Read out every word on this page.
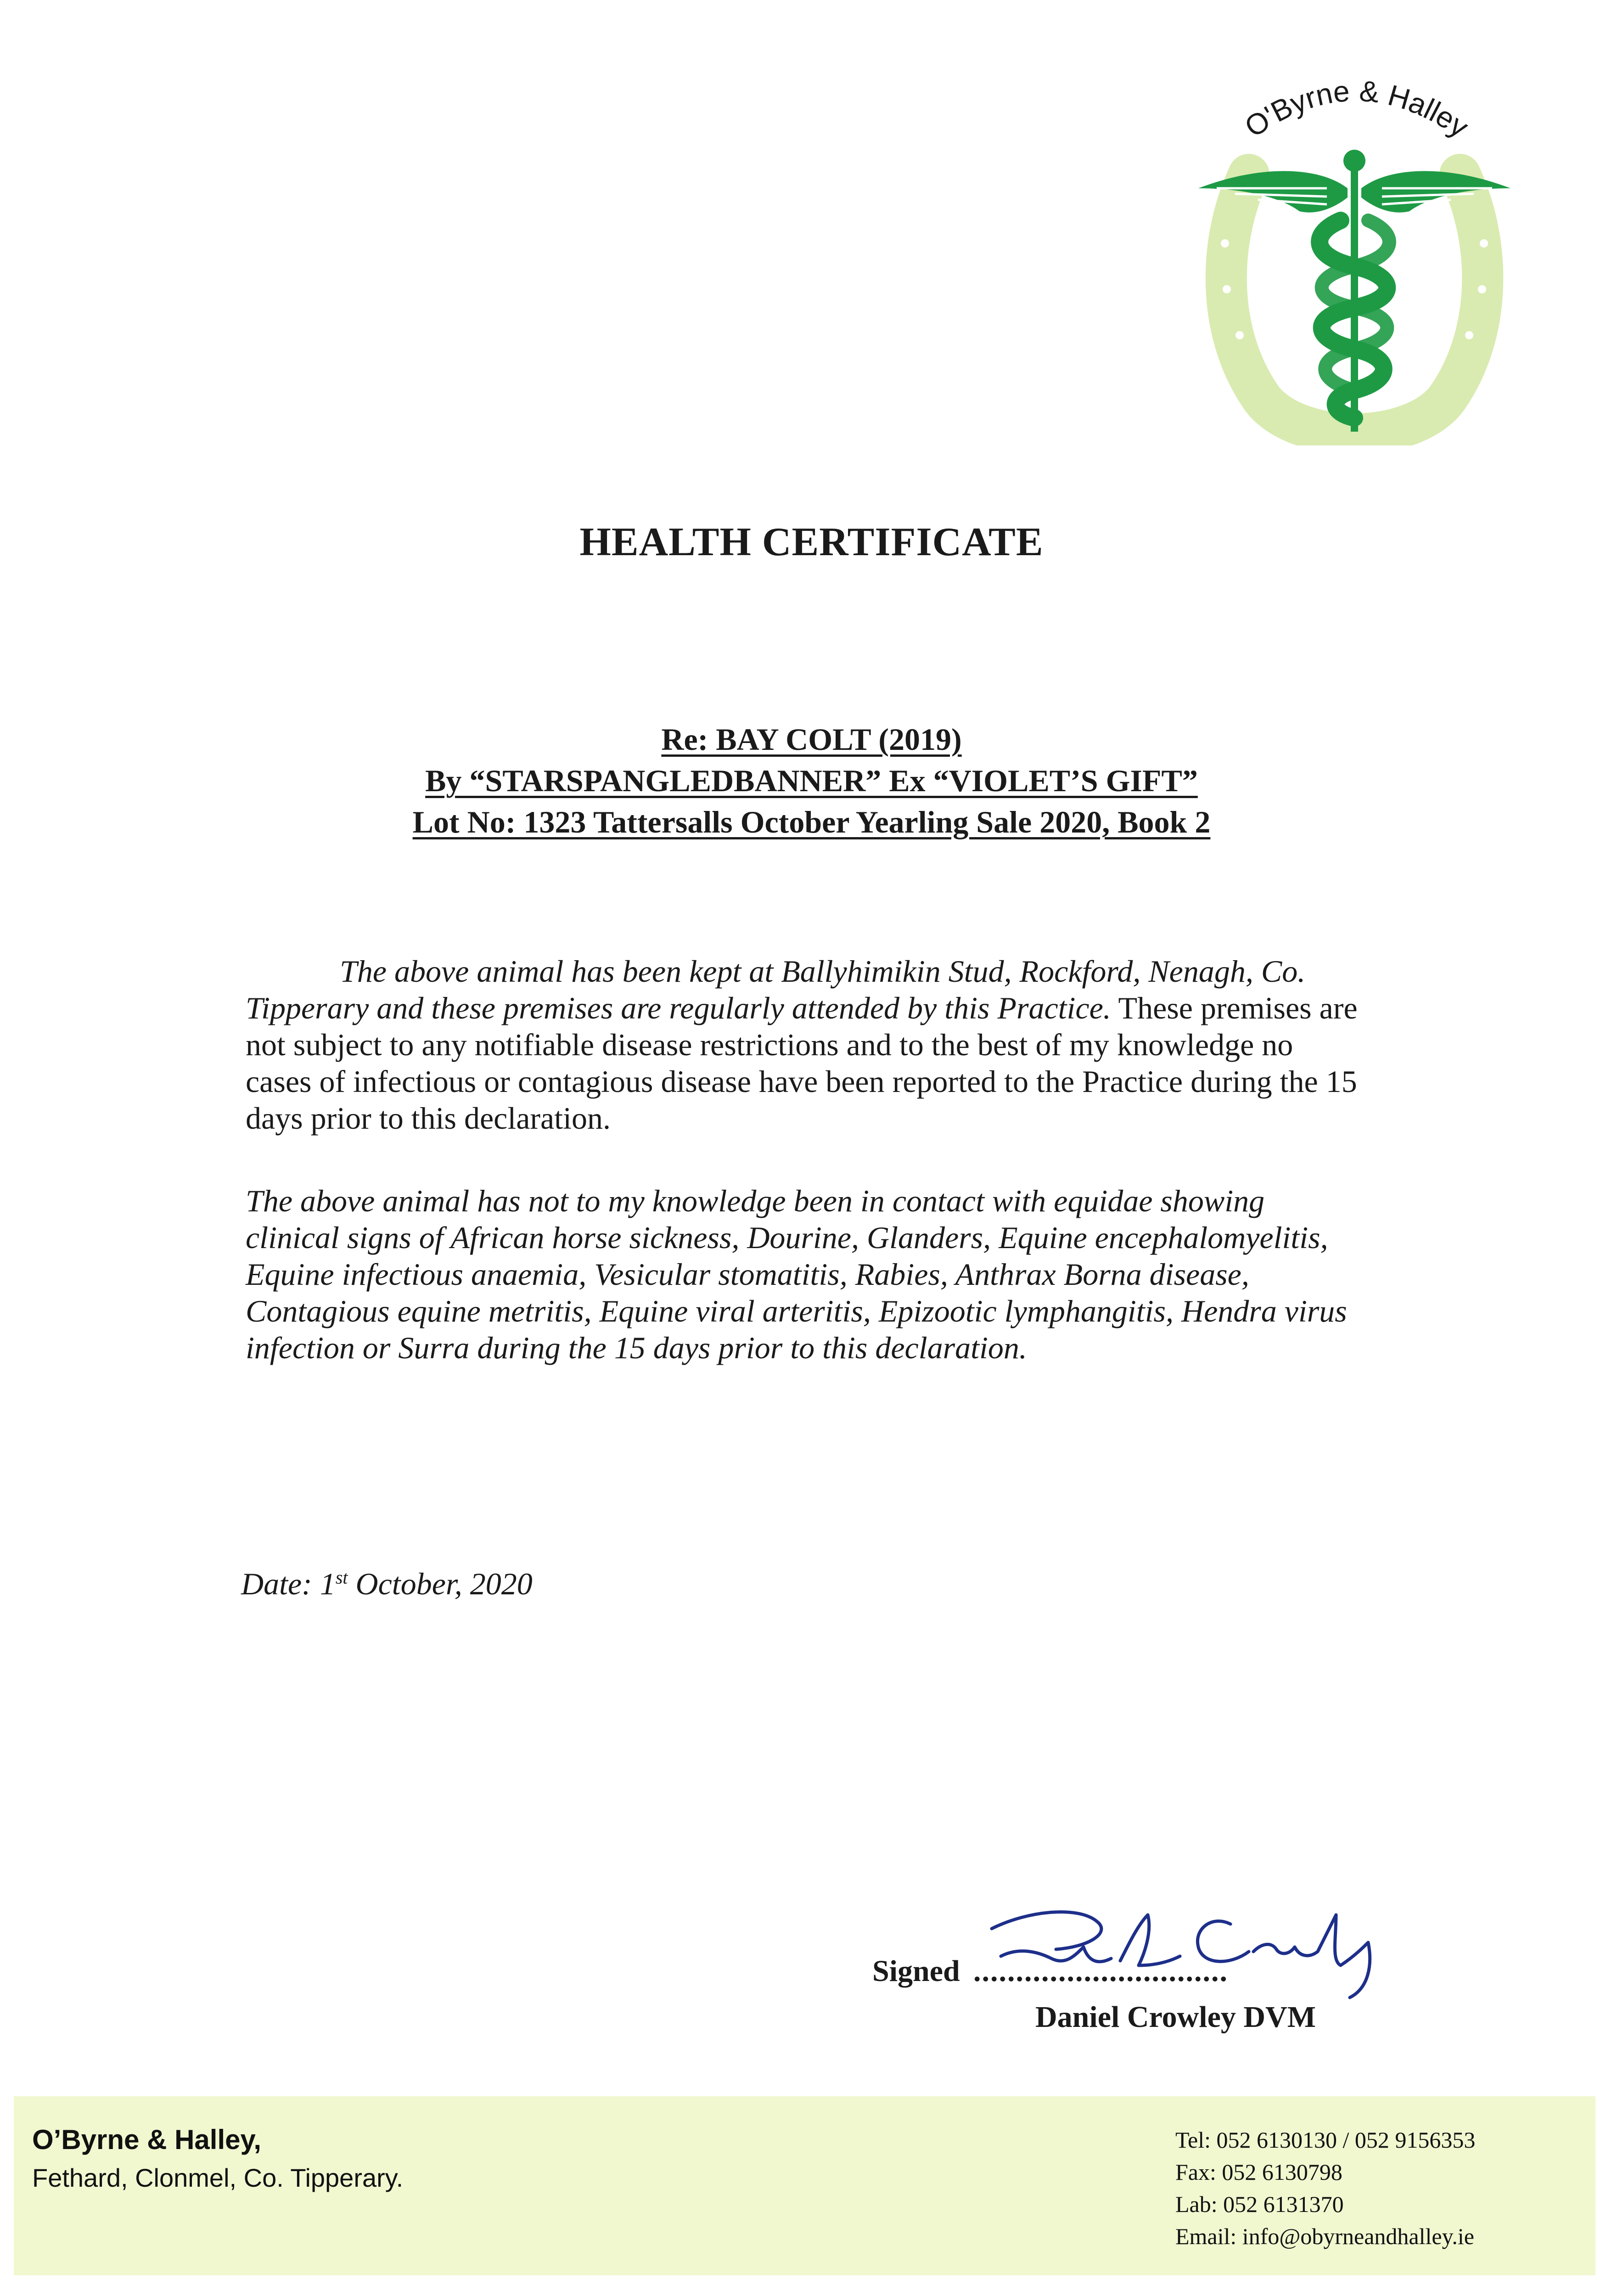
O'Byrne & Halley
HEALTH CERTIFICATE
Re: BAY COLT (2019)
By “STARSPANGLEDBANNER” Ex “VIOLET’S GIFT”
Lot No: 1323 Tattersalls October Yearling Sale 2020, Book 2
The above animal has been kept at Ballyhimikin Stud, Rockford, Nenagh, Co. Tipperary and these premises are regularly attended by this Practice. These premises are not subject to any notifiable disease restrictions and to the best of my knowledge no cases of infectious or contagious disease have been reported to the Practice during the 15 days prior to this declaration.
The above animal has not to my knowledge been in contact with equidae showing clinical signs of African horse sickness, Dourine, Glanders, Equine encephalomyelitis, Equine infectious anaemia, Vesicular stomatitis, Rabies, Anthrax Borna disease, Contagious equine metritis, Equine viral arteritis, Epizootic lymphangitis, Hendra virus infection or Surra during the 15 days prior to this declaration.
Date: 1st October, 2020
Signed ..............................
Daniel Crowley DVM
O’Byrne & Halley,
Fethard, Clonmel, Co. Tipperary.
Tel: 052 6130130 / 052 9156353
Fax: 052 6130798
Lab: 052 6131370
Email: info@obyrneandhalley.ie
